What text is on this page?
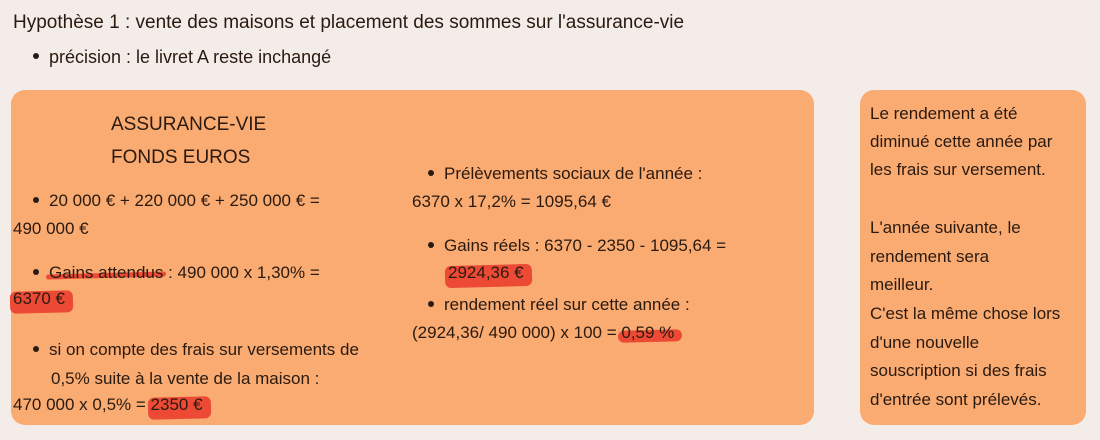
Hypothèse 1 : vente des maisons et placement des sommes sur l'assurance-vie
précision : le livret A reste inchangé
ASSURANCE-VIE
FONDS EUROS
20 000 € + 220 000 € + 250 000 € =
490 000 €
Gains attendus : 490 000 x 1,30% =
6370 €
si on compte des frais sur versements de
0,5% suite à la vente de la maison :
470 000 x 0,5% = 2350 €
Prélèvements sociaux de l'année :
6370 x 17,2% = 1095,64 €
Gains réels : 6370 - 2350 - 1095,64 =
2924,36 €
rendement réel sur cette année :
(2924,36/ 490 000) x 100 = 0,59 %
Le rendement a été
diminué cette année par
les frais sur versement.
L'année suivante, le
rendement sera
meilleur.
C'est la même chose lors
d'une nouvelle
souscription si des frais
d'entrée sont prélevés.
